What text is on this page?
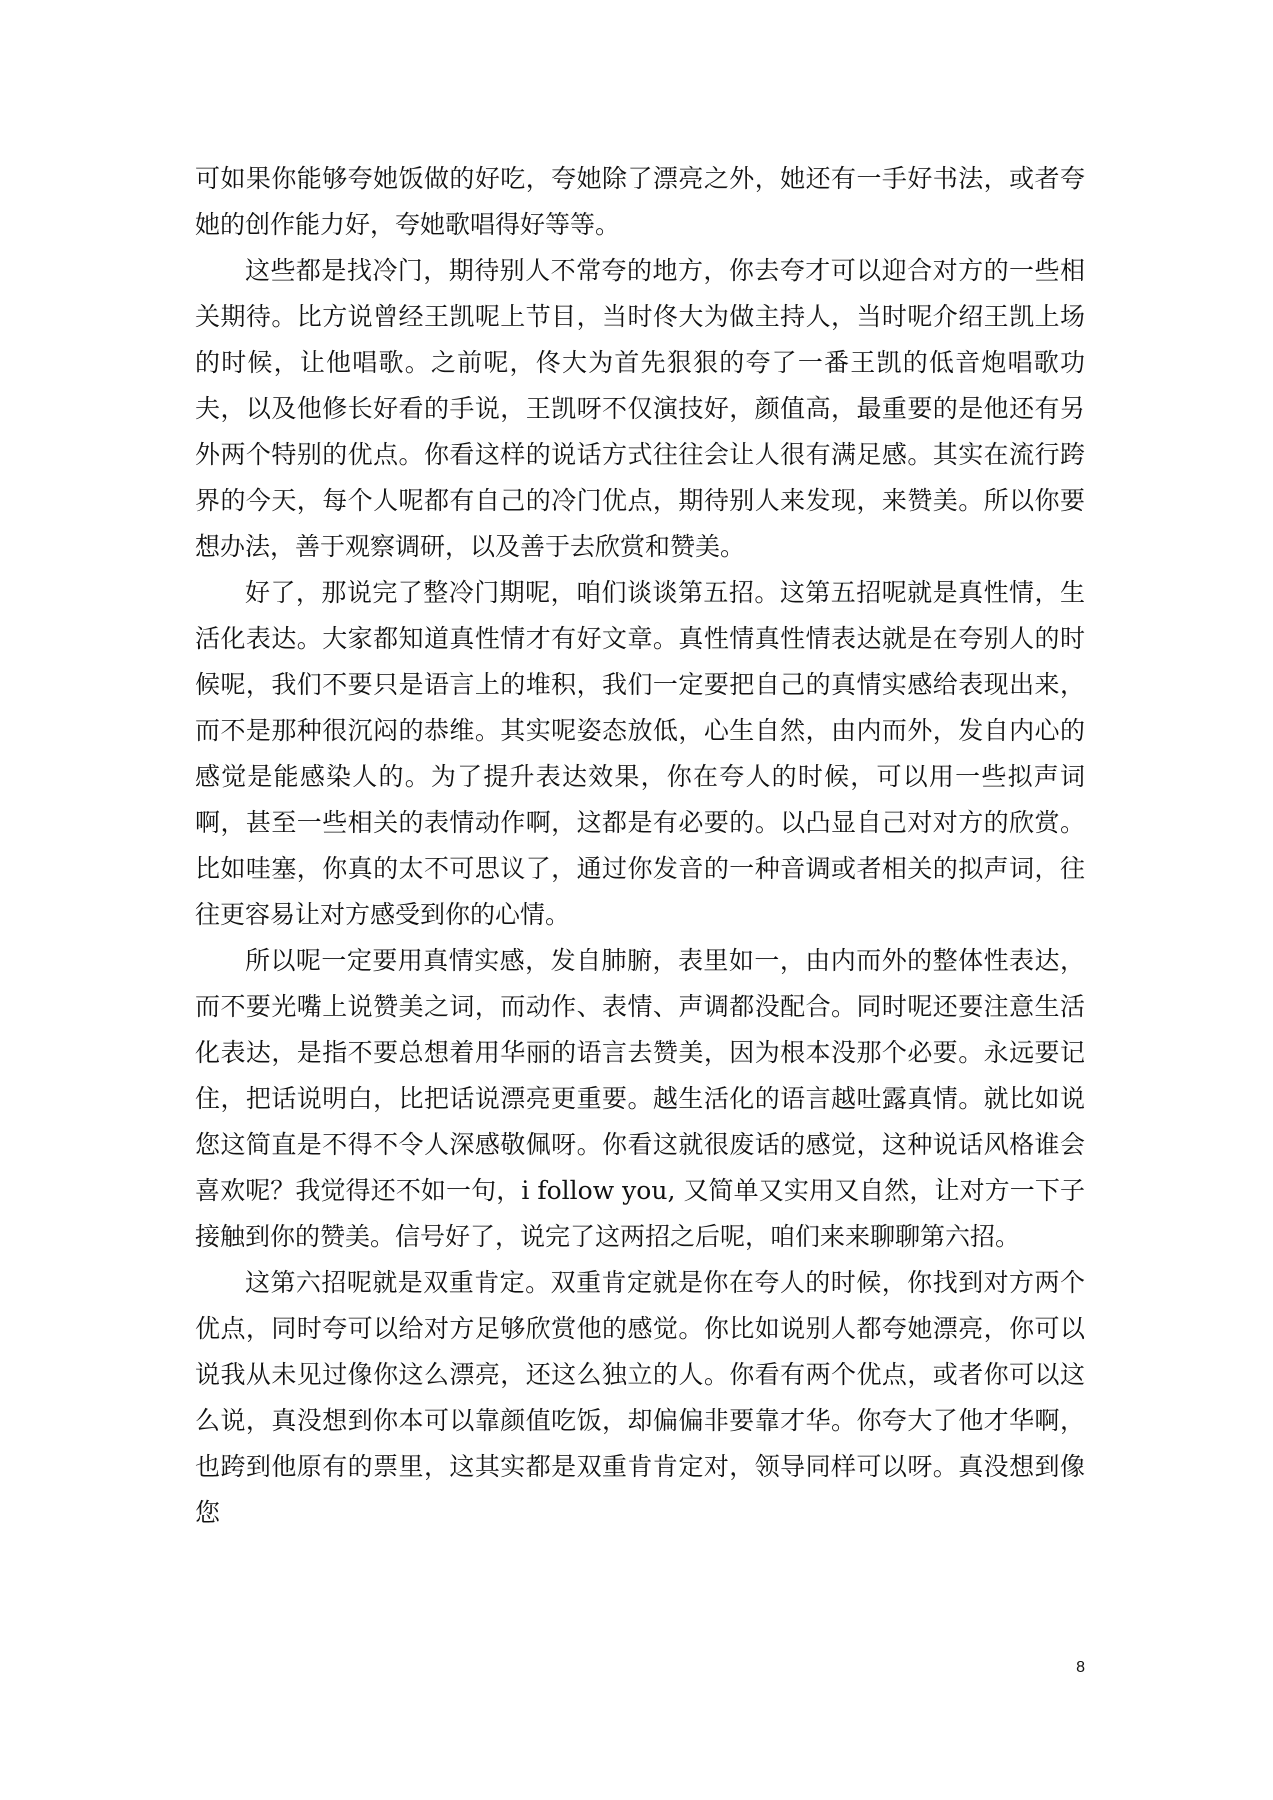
可如果你能够夸她饭做的好吃，夸她除了漂亮之外，她还有一手好书法，或者夸她的创作能力好，夸她歌唱得好等等。

这些都是找冷门，期待别人不常夸的地方，你去夸才可以迎合对方的一些相关期待。比方说曾经王凯呢上节目，当时佟大为做主持人，当时呢介绍王凯上场的时候，让他唱歌。之前呢，佟大为首先狠狠的夸了一番王凯的低音炮唱歌功夫，以及他修长好看的手说，王凯呀不仅演技好，颜值高，最重要的是他还有另外两个特别的优点。你看这样的说话方式往往会让人很有满足感。其实在流行跨界的今天，每个人呢都有自己的冷门优点，期待别人来发现，来赞美。所以你要想办法，善于观察调研，以及善于去欣赏和赞美。

好了，那说完了整冷门期呢，咱们谈谈第五招。这第五招呢就是真性情，生活化表达。大家都知道真性情才有好文章。真性情真性情表达就是在夸别人的时候呢，我们不要只是语言上的堆积，我们一定要把自己的真情实感给表现出来，而不是那种很沉闷的恭维。其实呢姿态放低，心生自然，由内而外，发自内心的感觉是能感染人的。为了提升表达效果，你在夸人的时候，可以用一些拟声词啊，甚至一些相关的表情动作啊，这都是有必要的。以凸显自己对对方的欣赏。比如哇塞，你真的太不可思议了，通过你发音的一种音调或者相关的拟声词，往往更容易让对方感受到你的心情。

所以呢一定要用真情实感，发自肺腑，表里如一，由内而外的整体性表达，而不要光嘴上说赞美之词，而动作、表情、声调都没配合。同时呢还要注意生活化表达，是指不要总想着用华丽的语言去赞美，因为根本没那个必要。永远要记住，把话说明白，比把话说漂亮更重要。越生活化的语言越吐露真情。就比如说您这简直是不得不令人深感敬佩呀。你看这就很废话的感觉，这种说话风格谁会喜欢呢？我觉得还不如一句，i follow you, 又简单又实用又自然，让对方一下子接触到你的赞美。信号好了，说完了这两招之后呢，咱们来来聊聊第六招。

这第六招呢就是双重肯定。双重肯定就是你在夸人的时候，你找到对方两个优点，同时夸可以给对方足够欣赏他的感觉。你比如说别人都夸她漂亮，你可以说我从未见过像你这么漂亮，还这么独立的人。你看有两个优点，或者你可以这么说，真没想到你本可以靠颜值吃饭，却偏偏非要靠才华。你夸大了他才华啊，也跨到他原有的票里，这其实都是双重肯肯定对，领导同样可以呀。真没想到像您

8
